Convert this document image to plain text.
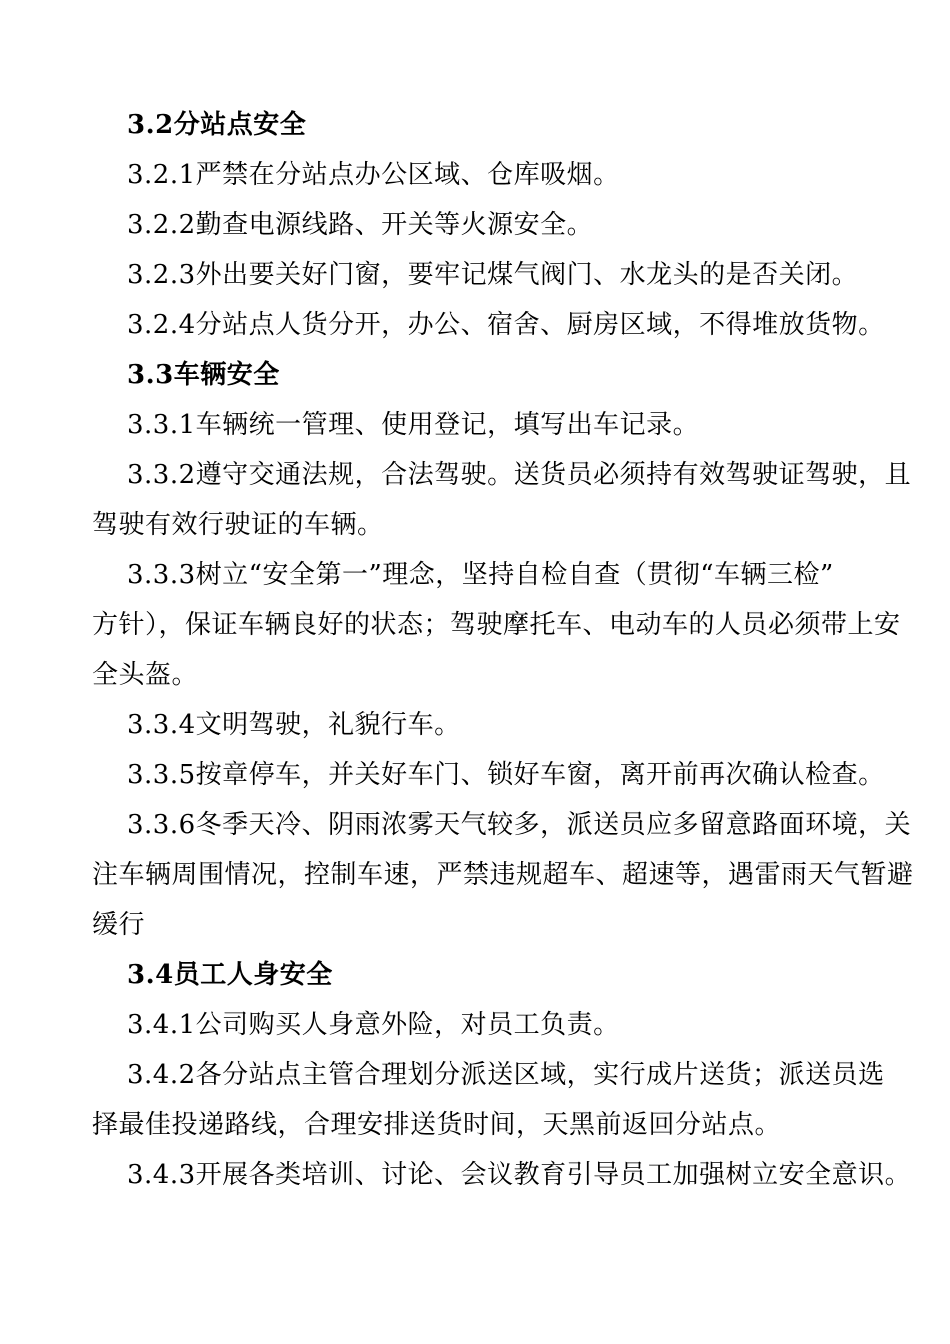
3.2分站点安全
3.2.1严禁在分站点办公区域、仓库吸烟。
3.2.2勤查电源线路、开关等火源安全。
3.2.3外出要关好门窗，要牢记煤气阀门、水龙头的是否关闭。
3.2.4分站点人货分开，办公、宿舍、厨房区域，不得堆放货物。
3.3车辆安全
3.3.1车辆统一管理、使用登记，填写出车记录。
3.3.2遵守交通法规，合法驾驶。送货员必须持有效驾驶证驾驶，且
驾驶有效行驶证的车辆。
3.3.3树立“安全第一”理念，坚持自检自查（贯彻“车辆三检”
方针），保证车辆良好的状态；驾驶摩托车、电动车的人员必须带上安
全头盔。
3.3.4文明驾驶，礼貌行车。
3.3.5按章停车，并关好车门、锁好车窗，离开前再次确认检查。
3.3.6冬季天冷、阴雨浓雾天气较多，派送员应多留意路面环境，关
注车辆周围情况，控制车速，严禁违规超车、超速等，遇雷雨天气暂避
缓行
3.4员工人身安全
3.4.1公司购买人身意外险，对员工负责。
3.4.2各分站点主管合理划分派送区域，实行成片送货；派送员选
择最佳投递路线，合理安排送货时间，天黑前返回分站点。
3.4.3开展各类培训、讨论、会议教育引导员工加强树立安全意识。
